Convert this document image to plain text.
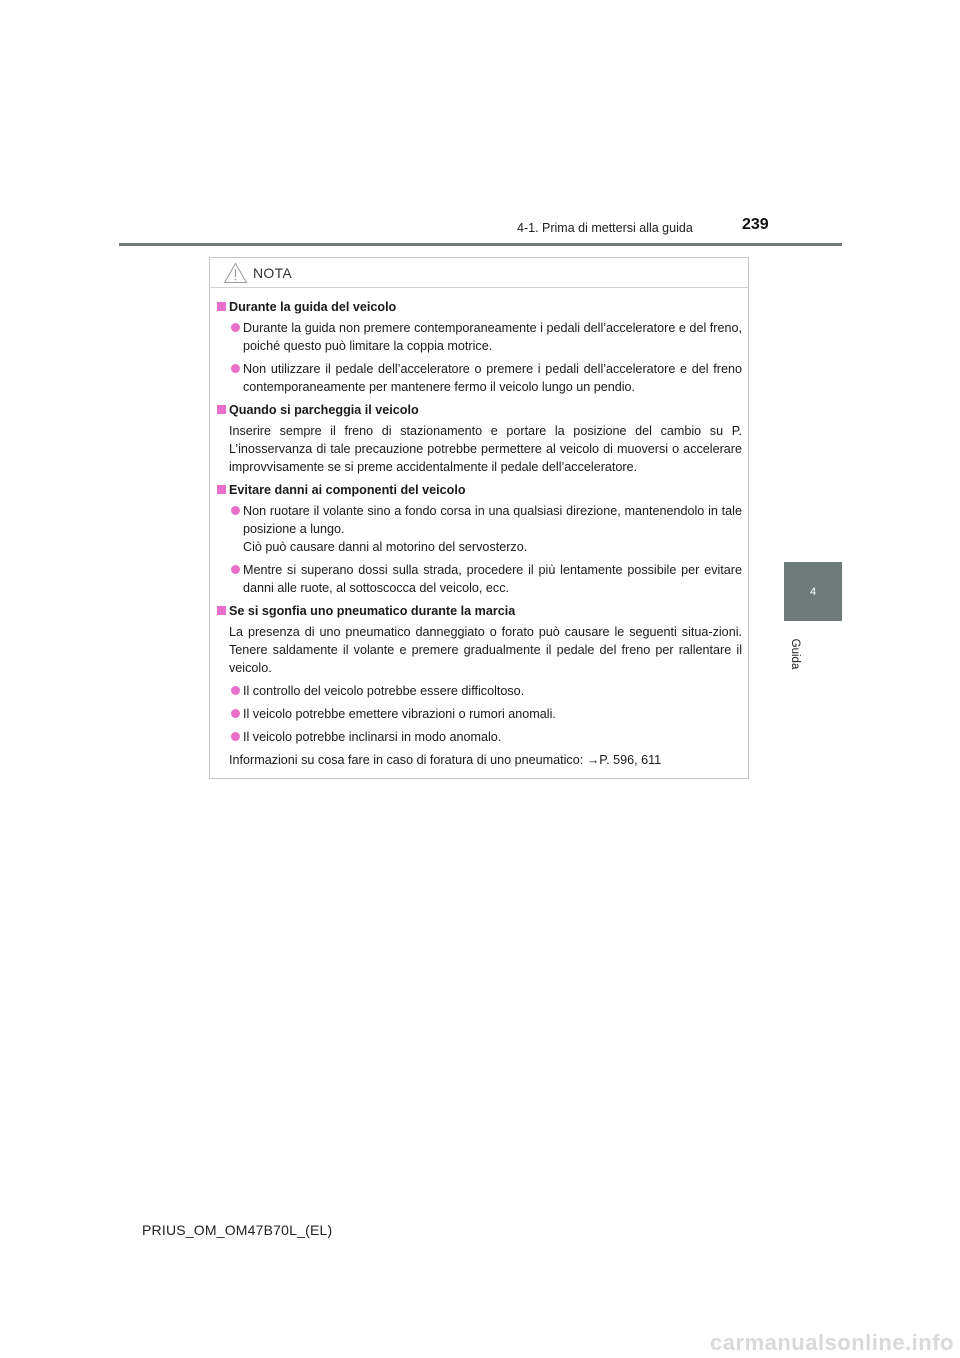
4-1. Prima di mettersi alla guida	239
4
Guida
NOTA
Durante la guida del veicolo
Durante la guida non premere contemporaneamente i pedali dell’acceleratore e del freno, poiché questo può limitare la coppia motrice.
Non utilizzare il pedale dell’acceleratore o premere i pedali dell’acceleratore e del freno contemporaneamente per mantenere fermo il veicolo lungo un pendio.
Quando si parcheggia il veicolo
Inserire sempre il freno di stazionamento e portare la posizione del cambio su P. L’inosservanza di tale precauzione potrebbe permettere al veicolo di muoversi o accelerare improvvisamente se si preme accidentalmente il pedale dell’acceleratore.
Evitare danni ai componenti del veicolo
Non ruotare il volante sino a fondo corsa in una qualsiasi direzione, mantenendolo in tale posizione a lungo.
Ciò può causare danni al motorino del servosterzo.
Mentre si superano dossi sulla strada, procedere il più lentamente possibile per evitare danni alle ruote, al sottoscocca del veicolo, ecc.
Se si sgonfia uno pneumatico durante la marcia
La presenza di uno pneumatico danneggiato o forato può causare le seguenti situa-zioni. Tenere saldamente il volante e premere gradualmente il pedale del freno per rallentare il veicolo.
Il controllo del veicolo potrebbe essere difficoltoso.
Il veicolo potrebbe emettere vibrazioni o rumori anomali.
Il veicolo potrebbe inclinarsi in modo anomalo.
Informazioni su cosa fare in caso di foratura di uno pneumatico: →P. 596, 611
PRIUS_OM_OM47B70L_(EL)
carmanualsonline.info
